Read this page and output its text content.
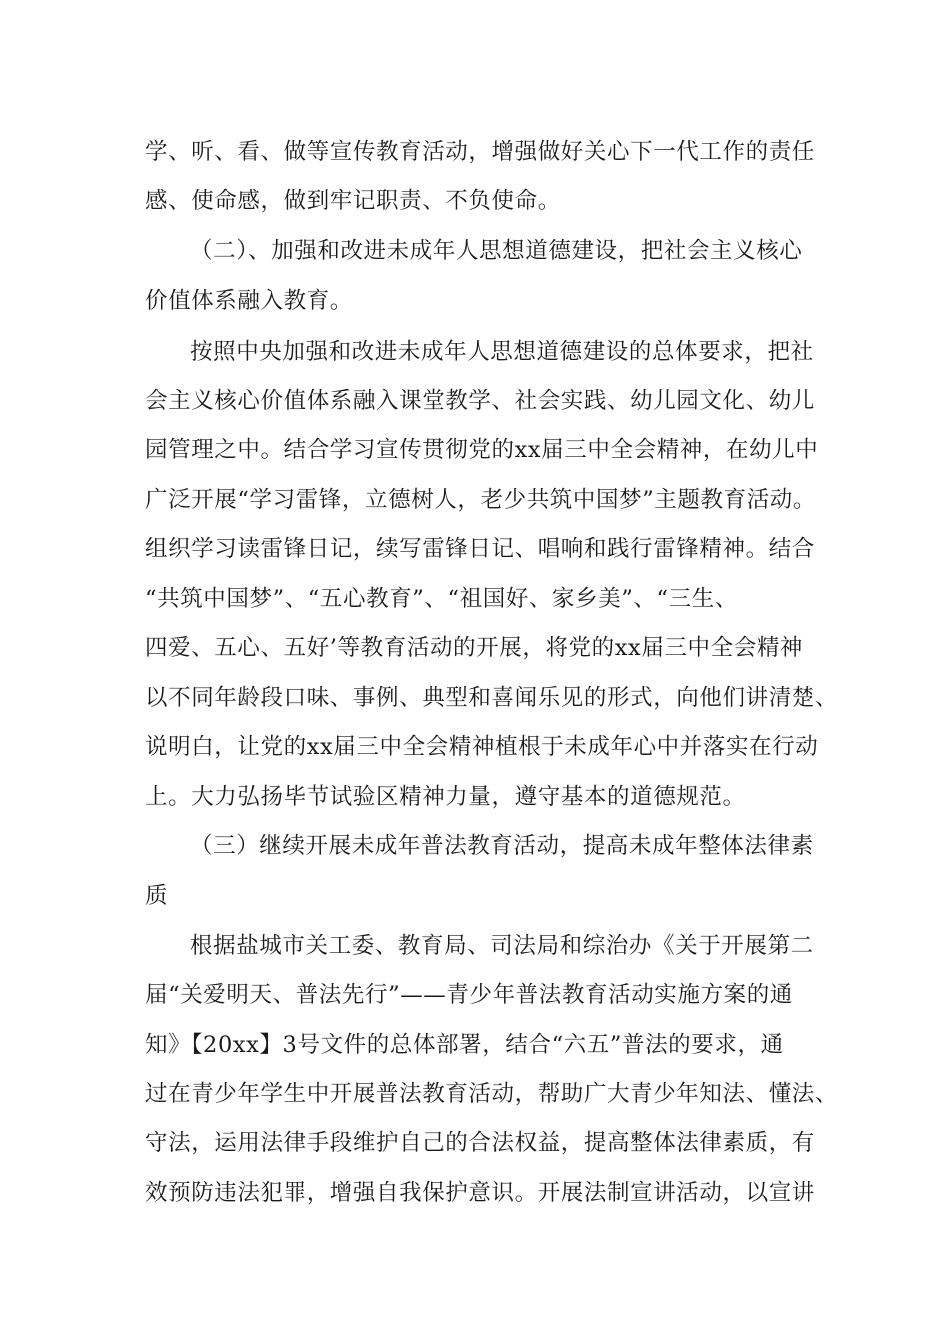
学、听、看、做等宣传教育活动，增强做好关心下一代工作的责任
感、使命感，做到牢记职责、不负使命。
（二）、加强和改进未成年人思想道德建设，把社会主义核心
价值体系融入教育。
按照中央加强和改进未成年人思想道德建设的总体要求，把社
会主义核心价值体系融入课堂教学、社会实践、幼儿园文化、幼儿
园管理之中。结合学习宣传贯彻党的xx届三中全会精神，在幼儿中
广泛开展“学习雷锋，立德树人，老少共筑中国梦”主题教育活动。
组织学习读雷锋日记，续写雷锋日记、唱响和践行雷锋精神。结合
“共筑中国梦”、“五心教育”、“祖国好、家乡美”、“三生、
四爱、五心、五好’等教育活动的开展，将党的xx届三中全会精神
以不同年龄段口味、事例、典型和喜闻乐见的形式，向他们讲清楚、
说明白，让党的xx届三中全会精神植根于未成年心中并落实在行动
上。大力弘扬毕节试验区精神力量，遵守基本的道德规范。
（三）继续开展未成年普法教育活动，提高未成年整体法律素
质
根据盐城市关工委、教育局、司法局和综治办《关于开展第二
届“关爱明天、普法先行”——青少年普法教育活动实施方案的通
知》【20xx】3号文件的总体部署，结合“六五”普法的要求，通
过在青少年学生中开展普法教育活动，帮助广大青少年知法、懂法、
守法，运用法律手段维护自己的合法权益，提高整体法律素质，有
效预防违法犯罪，增强自我保护意识。开展法制宣讲活动，以宣讲
